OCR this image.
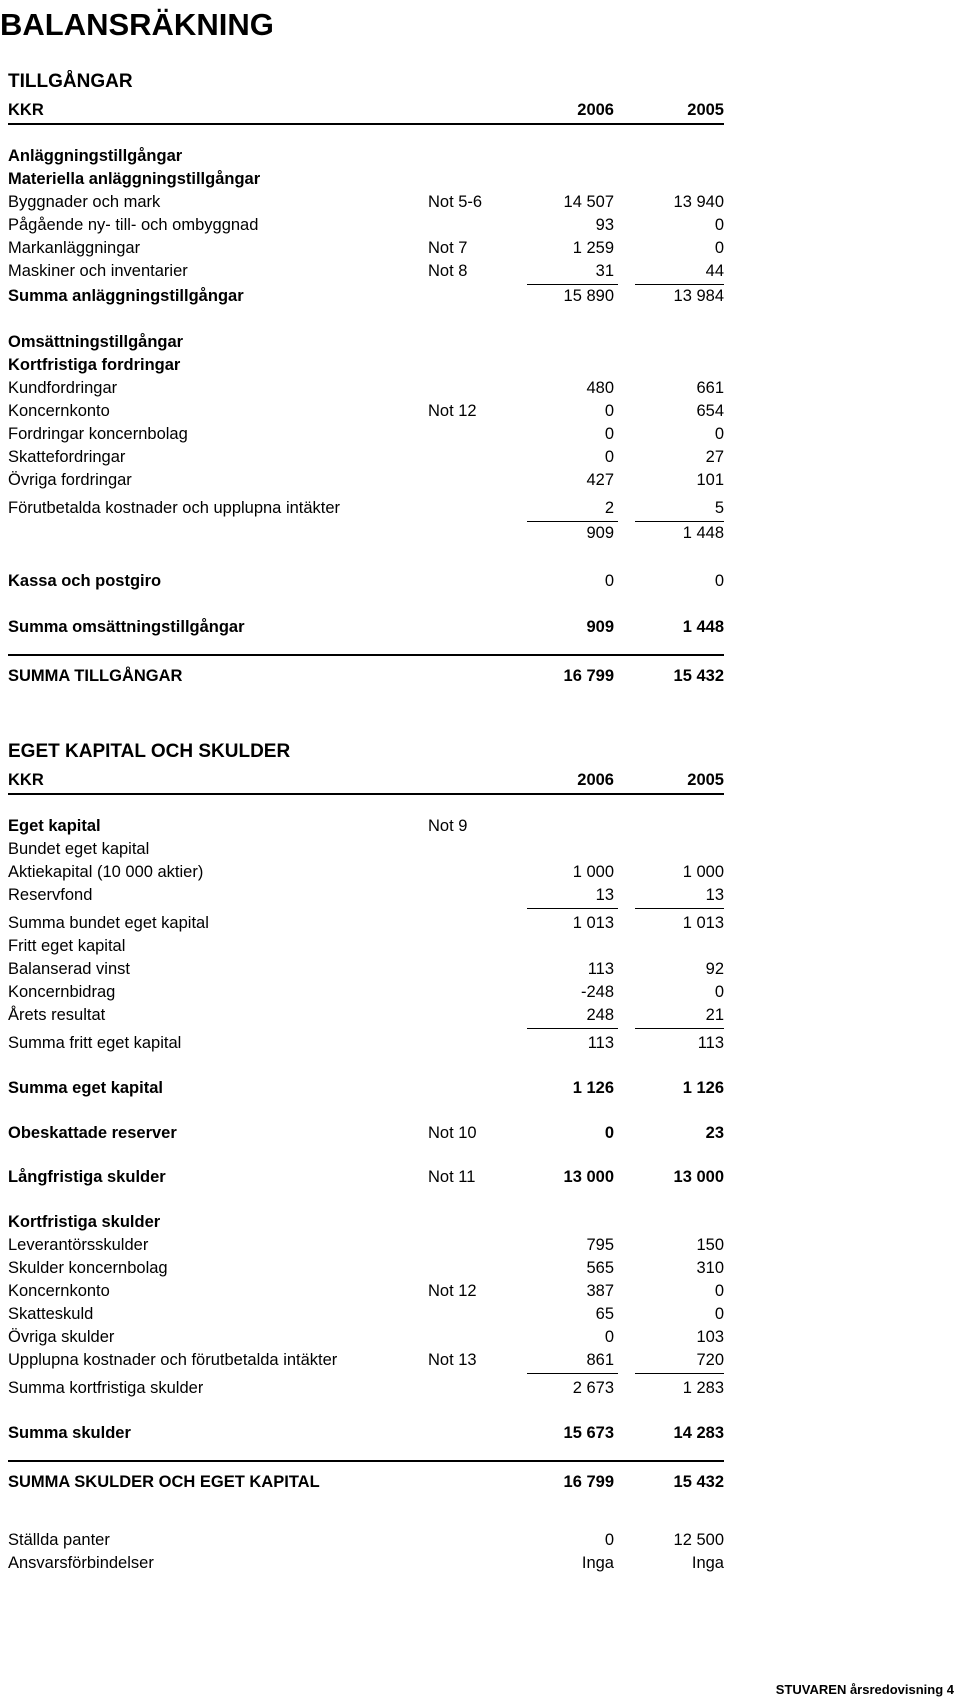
BALANSRÄKNING
TILLGÅNGAR
KKR	2006	2005
Anläggningstillgångar
Materiella anläggningstillgångar
Byggnader och mark	Not 5-6	14 507	13 940
Pågående ny- till- och ombyggnad	93	0
Markanläggningar	Not 7	1 259	0
Maskiner och inventarier	Not 8	31	44
Summa anläggningstillgångar	15 890	13 984
Omsättningstillgångar
Kortfristiga fordringar
Kundfordringar	480	661
Koncernkonto	Not 12	0	654
Fordringar koncernbolag	0	0
Skattefordringar	0	27
Övriga fordringar	427	101
Förutbetalda kostnader och upplupna intäkter	2	5
909	1 448
Kassa och postgiro	0	0
Summa omsättningstillgångar	909	1 448
SUMMA TILLGÅNGAR	16 799	15 432
EGET KAPITAL OCH SKULDER
KKR	2006	2005
Eget kapital	Not 9
Bundet eget kapital
Aktiekapital (10 000 aktier)	1 000	1 000
Reservfond	13	13
Summa bundet eget kapital	1 013	1 013
Fritt eget kapital
Balanserad vinst	113	92
Koncernbidrag	-248	0
Årets resultat	248	21
Summa fritt eget kapital	113	113
Summa eget kapital	1 126	1 126
Obeskattade reserver	Not 10	0	23
Långfristiga skulder	Not 11	13 000	13 000
Kortfristiga skulder
Leverantörsskulder	795	150
Skulder koncernbolag	565	310
Koncernkonto	Not 12	387	0
Skatteskuld	65	0
Övriga skulder	0	103
Upplupna kostnader och förutbetalda intäkter	Not 13	861	720
Summa kortfristiga skulder	2 673	1 283
Summa skulder	15 673	14 283
SUMMA SKULDER OCH EGET KAPITAL	16 799	15 432
Ställda panter	0	12 500
Ansvarsförbindelser	Inga	Inga
STUVAREN årsredovisning 4
